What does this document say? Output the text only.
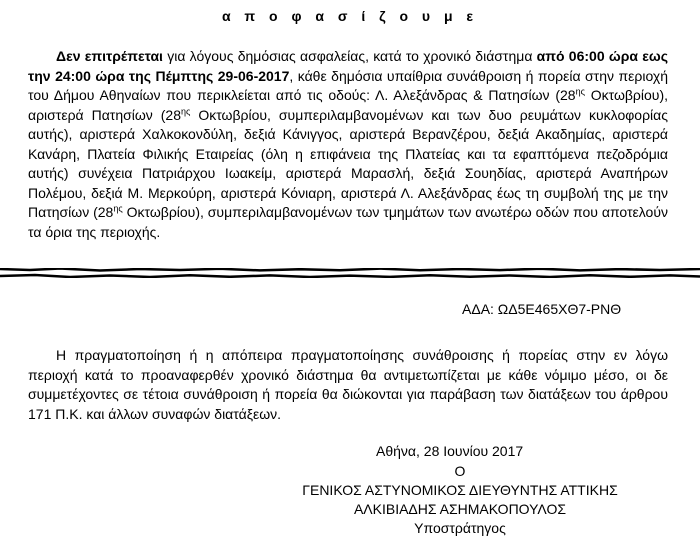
α π ο φ α σ ί ζ ο υ μ ε
Δεν επιτρέπεται για λόγους δημόσιας ασφαλείας, κατά το χρονικό διάστημα από 06:00 ώρα εως την 24:00 ώρα της Πέμπτης 29-06-2017, κάθε δημόσια υπαίθρια συνάθροιση ή πορεία στην περιοχή του Δήμου Αθηναίων που περικλείεται από τις οδούς: Λ. Αλεξάνδρας & Πατησίων ($28^{\eta\varsigma}$ Οκτωβρίου), αριστερά Πατησίων ($28^{\eta\varsigma}$ Οκτωβρίου, συμπεριλαμβανομένων και των δυο ρευμάτων κυκλοφορίας αυτής), αριστερά Χαλκοκονδύλη, δεξιά Κάνιγγος, αριστερά Βερανζέρου, δεξιά Ακαδημίας, αριστερά Κανάρη, Πλατεία Φιλικής Εταιρείας (όλη η επιφάνεια της Πλατείας και τα εφαπτόμενα πεζοδρόμια αυτής) συνέχεια Πατριάρχου Ιωακείμ, αριστερά Μαρασλή, δεξιά Σουηδίας, αριστερά Αναπήρων Πολέμου, δεξιά Μ. Μερκούρη, αριστερά Κόνιαρη, αριστερά Λ. Αλεξάνδρας έως τη συμβολή της με την Πατησίων ($28^{\eta\varsigma}$ Οκτωβρίου), συμπεριλαμβανομένων των τμημάτων των ανωτέρω οδών που αποτελούν τα όρια της περιοχής.
ΑΔΑ: ΩΔ5Ε465ΧΘ7-ΡΝΘ
Η πραγματοποίηση ή η απόπειρα πραγματοποίησης συνάθροισης ή πορείας στην εν λόγω περιοχή κατά το προαναφερθέν χρονικό διάστημα θα αντιμετωπίζεται με κάθε νόμιμο μέσο, οι δε συμμετέχοντες σε τέτοια συνάθροιση ή πορεία θα διώκονται για παράβαση των διατάξεων του άρθρου 171 Π.Κ. και άλλων συναφών διατάξεων.
Αθήνα, 28 Ιουνίου 2017
Ο
ΓΕΝΙΚΟΣ ΑΣΤΥΝΟΜΙΚΟΣ ΔΙΕΥΘΥΝΤΗΣ ΑΤΤΙΚΗΣ
ΑΛΚΙΒΙΑΔΗΣ ΑΣΗΜΑΚΟΠΟΥΛΟΣ
Υποστράτηγος
